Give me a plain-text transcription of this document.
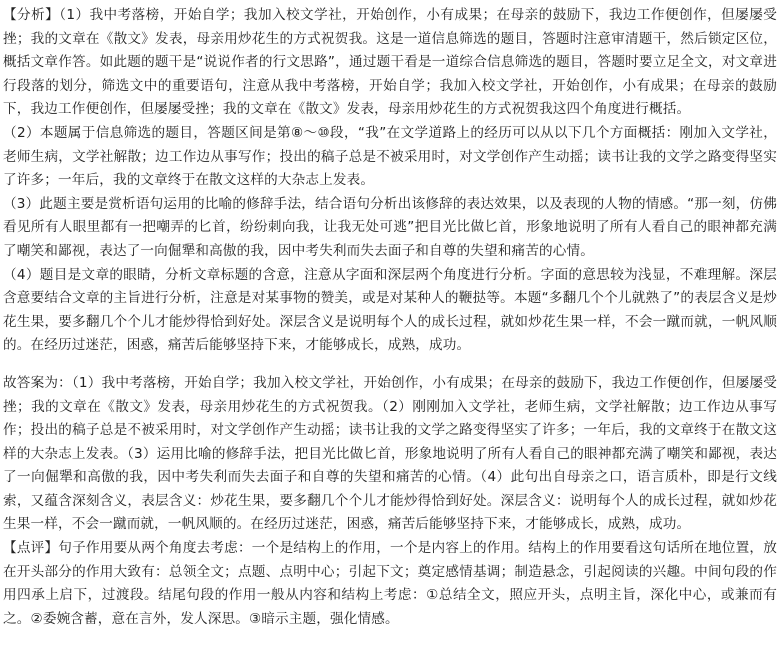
【分析】（1）我中考落榜，开始自学；我加入校文学社，开始创作，小有成果；在母亲的鼓励下，我边工作便创作，但屡屡受挫；我的文章在《散文》发表，母亲用炒花生的方式祝贺我。这是一道信息筛选的题目，答题时注意审清题干，然后锁定区位，概括文章作答。如此题的题干是“说说作者的行文思路”，通过题干看是一道综合信息筛选的题目，答题时要立足全文，对文章进行段落的划分，筛选文中的重要语句，注意从我中考落榜，开始自学；我加入校文学社，开始创作，小有成果；在母亲的鼓励下，我边工作便创作，但屡屡受挫；我的文章在《散文》发表，母亲用炒花生的方式祝贺我这四个角度进行概括。

（2）本题属于信息筛选的题目，答题区间是第⑧～⑩段，“我”在文学道路上的经历可以从以下几个方面概括：刚加入文学社，老师生病，文学社解散；边工作边从事写作；投出的稿子总是不被采用时，对文学创作产生动摇；读书让我的文学之路变得坚实了许多；一年后，我的文章终于在散文这样的大杂志上发表。

（3）此题主要是赏析语句运用的比喻的修辞手法，结合语句分析出该修辞的表达效果，以及表现的人物的情感。“那一刻，仿佛看见所有人眼里都有一把嘲弄的匕首，纷纷刺向我，让我无处可逃”把目光比做匕首，形象地说明了所有人看自己的眼神都充满了嘲笑和鄙视，表达了一向倔犟和高傲的我，因中考失利而失去面子和自尊的失望和痛苦的心情。

（4）题目是文章的眼睛，分析文章标题的含意，注意从字面和深层两个角度进行分析。字面的意思较为浅显，不难理解。深层含意要结合文章的主旨进行分析，注意是对某事物的赞美，或是对某种人的鞭挞等。本题“多翻几个个儿就熟了”的表层含义是炒花生果，要多翻几个个儿才能炒得恰到好处。深层含义是说明每个人的成长过程，就如炒花生果一样，不会一蹴而就，一帆风顺的。在经历过迷茫，困惑，痛苦后能够坚持下来，才能够成长，成熟，成功。

故答案为：（1）我中考落榜，开始自学；我加入校文学社，开始创作，小有成果；在母亲的鼓励下，我边工作便创作，但屡屡受挫；我的文章在《散文》发表，母亲用炒花生的方式祝贺我。（2）刚刚加入文学社，老师生病，文学社解散；边工作边从事写作；投出的稿子总是不被采用时，对文学创作产生动摇；读书让我的文学之路变得坚实了许多；一年后，我的文章终于在散文这样的大杂志上发表。（3）运用比喻的修辞手法，把目光比做匕首，形象地说明了所有人看自己的眼神都充满了嘲笑和鄙视，表达了一向倔犟和高傲的我，因中考失利而失去面子和自尊的失望和痛苦的心情。（4）此句出自母亲之口，语言质朴，即是行文线索，又蕴含深刻含义，表层含义：炒花生果，要多翻几个个儿才能炒得恰到好处。深层含义：说明每个人的成长过程，就如炒花生果一样，不会一蹴而就，一帆风顺的。在经历过迷茫，困惑，痛苦后能够坚持下来，才能够成长，成熟，成功。

【点评】句子作用要从两个角度去考虑：一个是结构上的作用，一个是内容上的作用。结构上的作用要看这句话所在地位置，放在开头部分的作用大致有：总领全文；点题、点明中心；引起下文；奠定感情基调；制造悬念，引起阅读的兴趣。中间句段的作用四承上启下，过渡段。结尾句段的作用一般从内容和结构上考虑：①总结全文，照应开头，点明主旨，深化中心，或兼而有之。②委婉含蓄，意在言外，发人深思。③暗示主题，强化情感。
